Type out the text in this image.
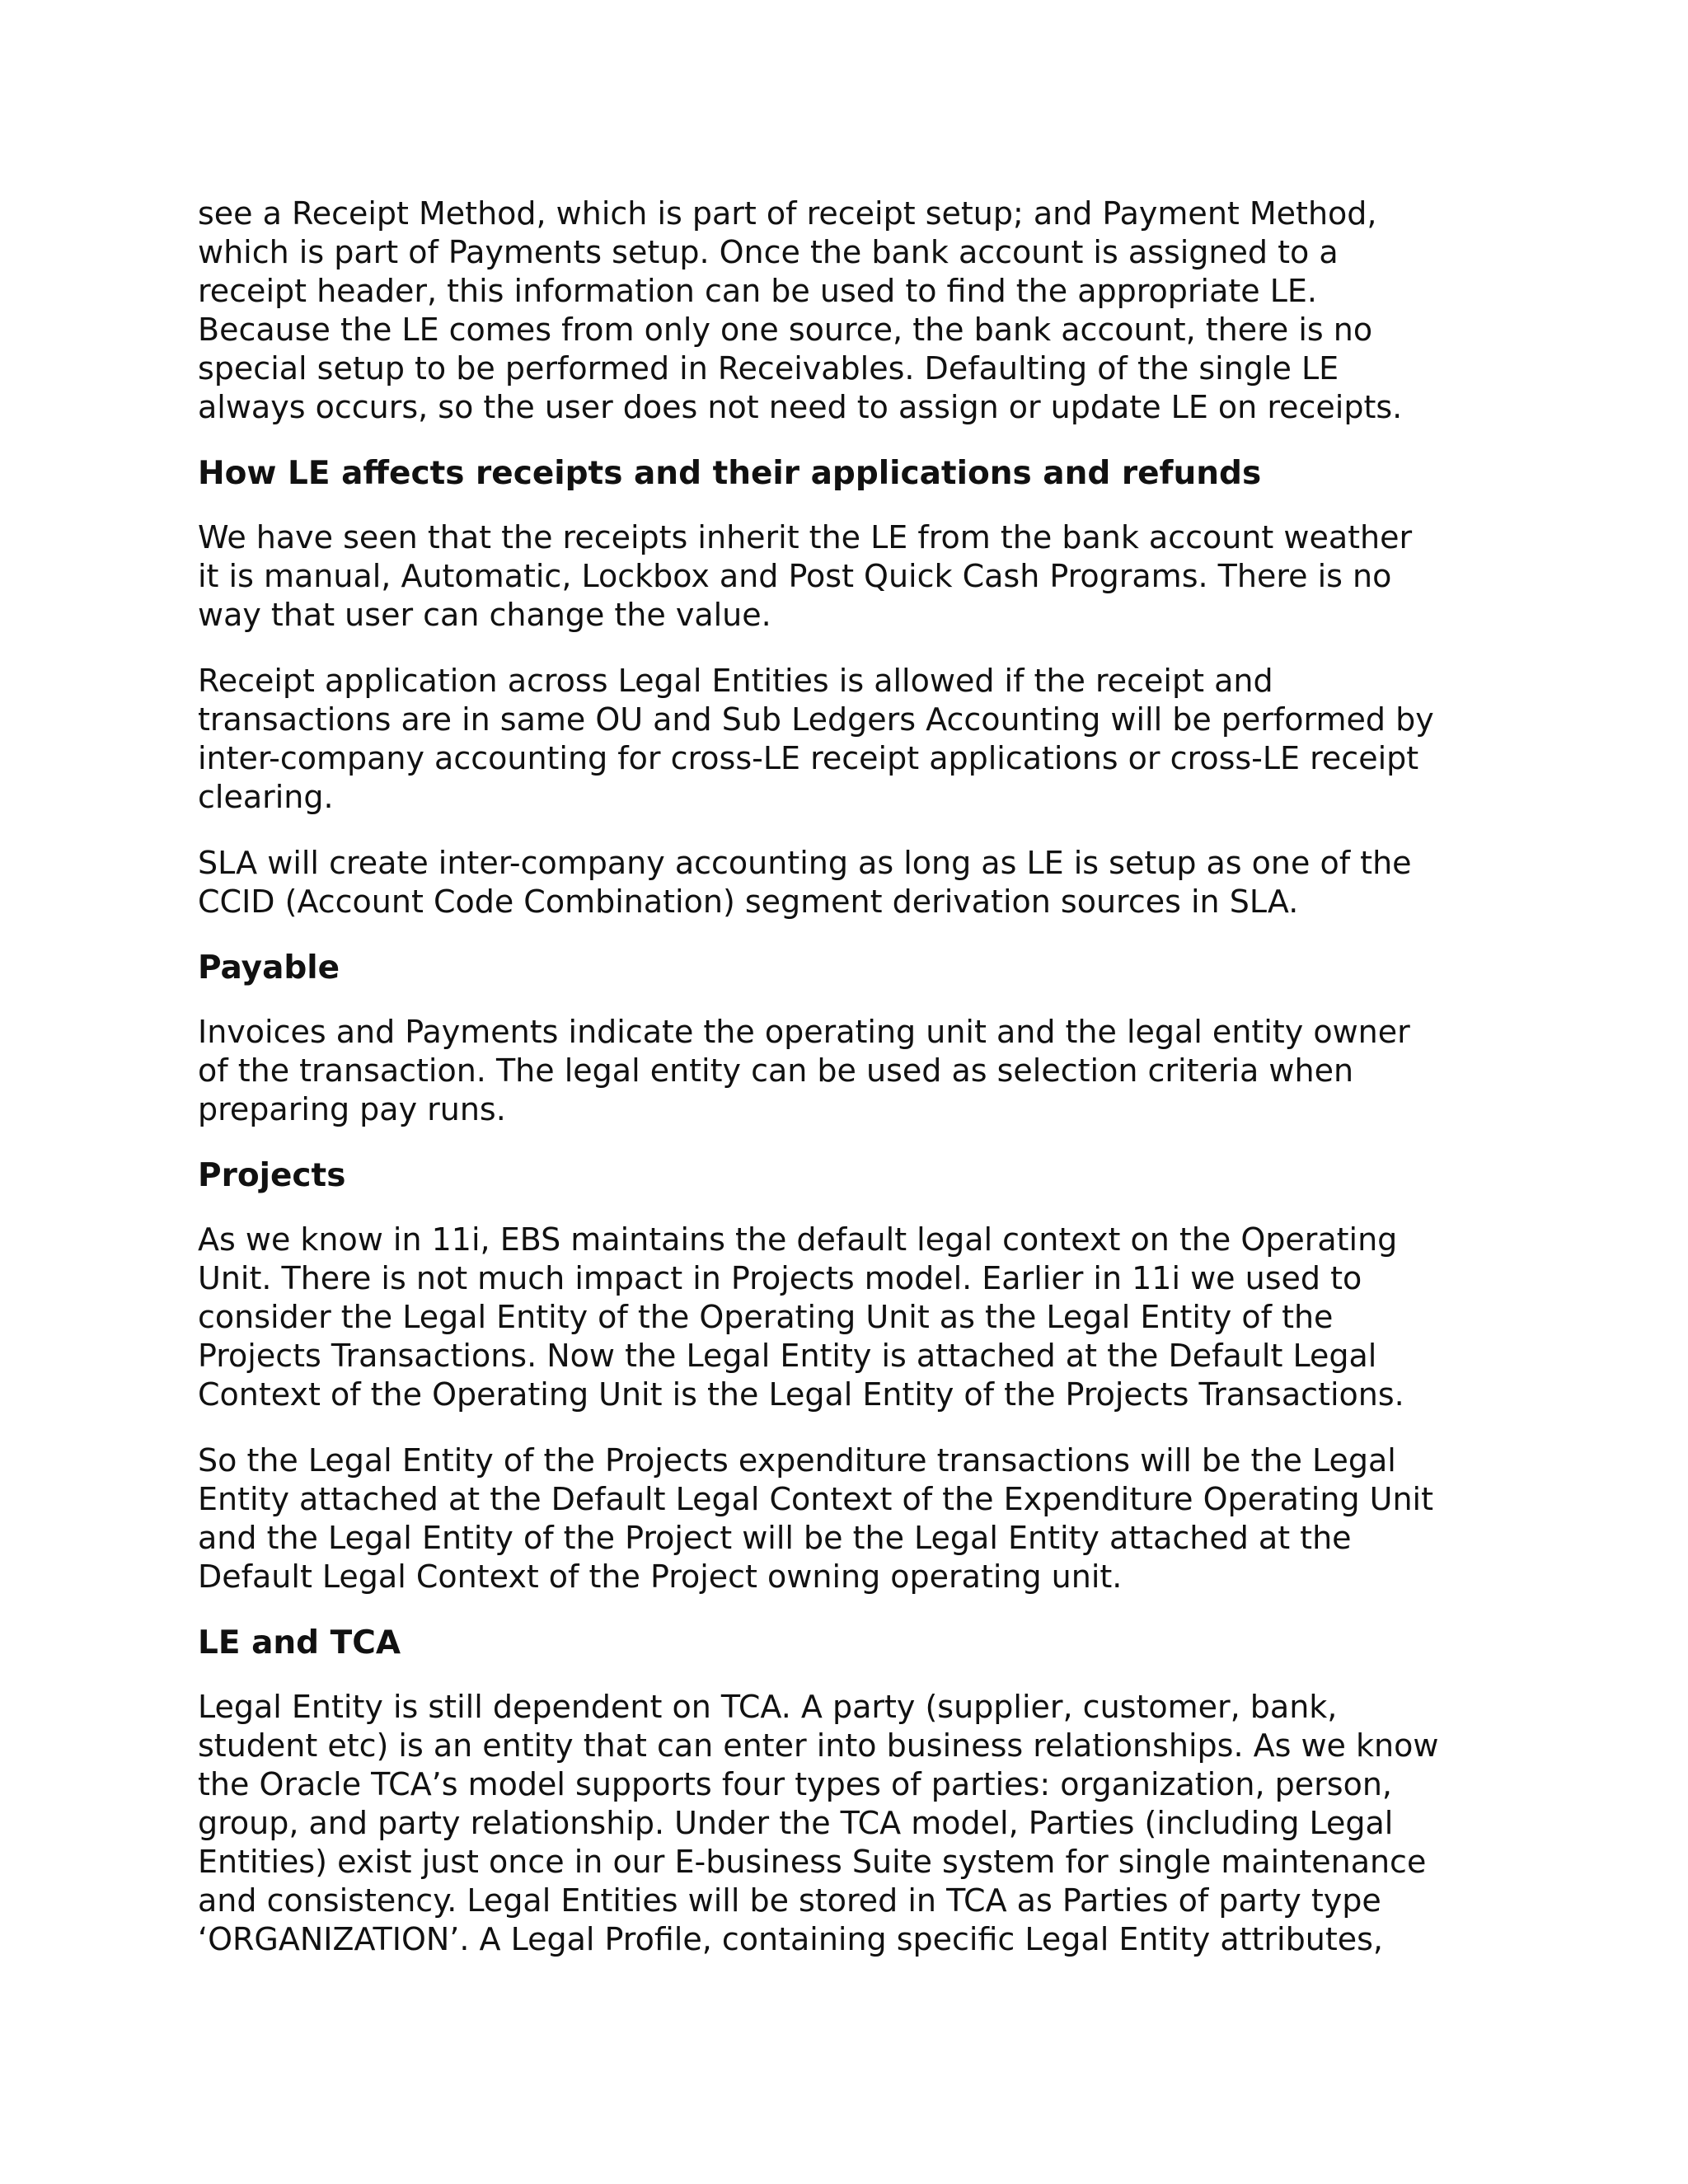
see a Receipt Method, which is part of receipt setup; and Payment Method,
which is part of Payments setup. Once the bank account is assigned to a
receipt header, this information can be used to find the appropriate LE.
Because the LE comes from only one source, the bank account, there is no
special setup to be performed in Receivables. Defaulting of the single LE
always occurs, so the user does not need to assign or update LE on receipts.

How LE affects receipts and their applications and refunds

We have seen that the receipts inherit the LE from the bank account weather
it is manual, Automatic, Lockbox and Post Quick Cash Programs. There is no
way that user can change the value.

Receipt application across Legal Entities is allowed if the receipt and
transactions are in same OU and Sub Ledgers Accounting will be performed by
inter-company accounting for cross-LE receipt applications or cross-LE receipt
clearing.

SLA will create inter-company accounting as long as LE is setup as one of the
CCID (Account Code Combination) segment derivation sources in SLA.

Payable

Invoices and Payments indicate the operating unit and the legal entity owner
of the transaction. The legal entity can be used as selection criteria when
preparing pay runs.

Projects

As we know in 11i, EBS maintains the default legal context on the Operating
Unit. There is not much impact in Projects model. Earlier in 11i we used to
consider the Legal Entity of the Operating Unit as the Legal Entity of the
Projects Transactions. Now the Legal Entity is attached at the Default Legal
Context of the Operating Unit is the Legal Entity of the Projects Transactions.

So the Legal Entity of the Projects expenditure transactions will be the Legal
Entity attached at the Default Legal Context of the Expenditure Operating Unit
and the Legal Entity of the Project will be the Legal Entity attached at the
Default Legal Context of the Project owning operating unit.

LE and TCA

Legal Entity is still dependent on TCA. A party (supplier, customer, bank,
student etc) is an entity that can enter into business relationships. As we know
the Oracle TCA’s model supports four types of parties: organization, person,
group, and party relationship. Under the TCA model, Parties (including Legal
Entities) exist just once in our E-business Suite system for single maintenance
and consistency. Legal Entities will be stored in TCA as Parties of party type
‘ORGANIZATION’. A Legal Profile, containing specific Legal Entity attributes,
